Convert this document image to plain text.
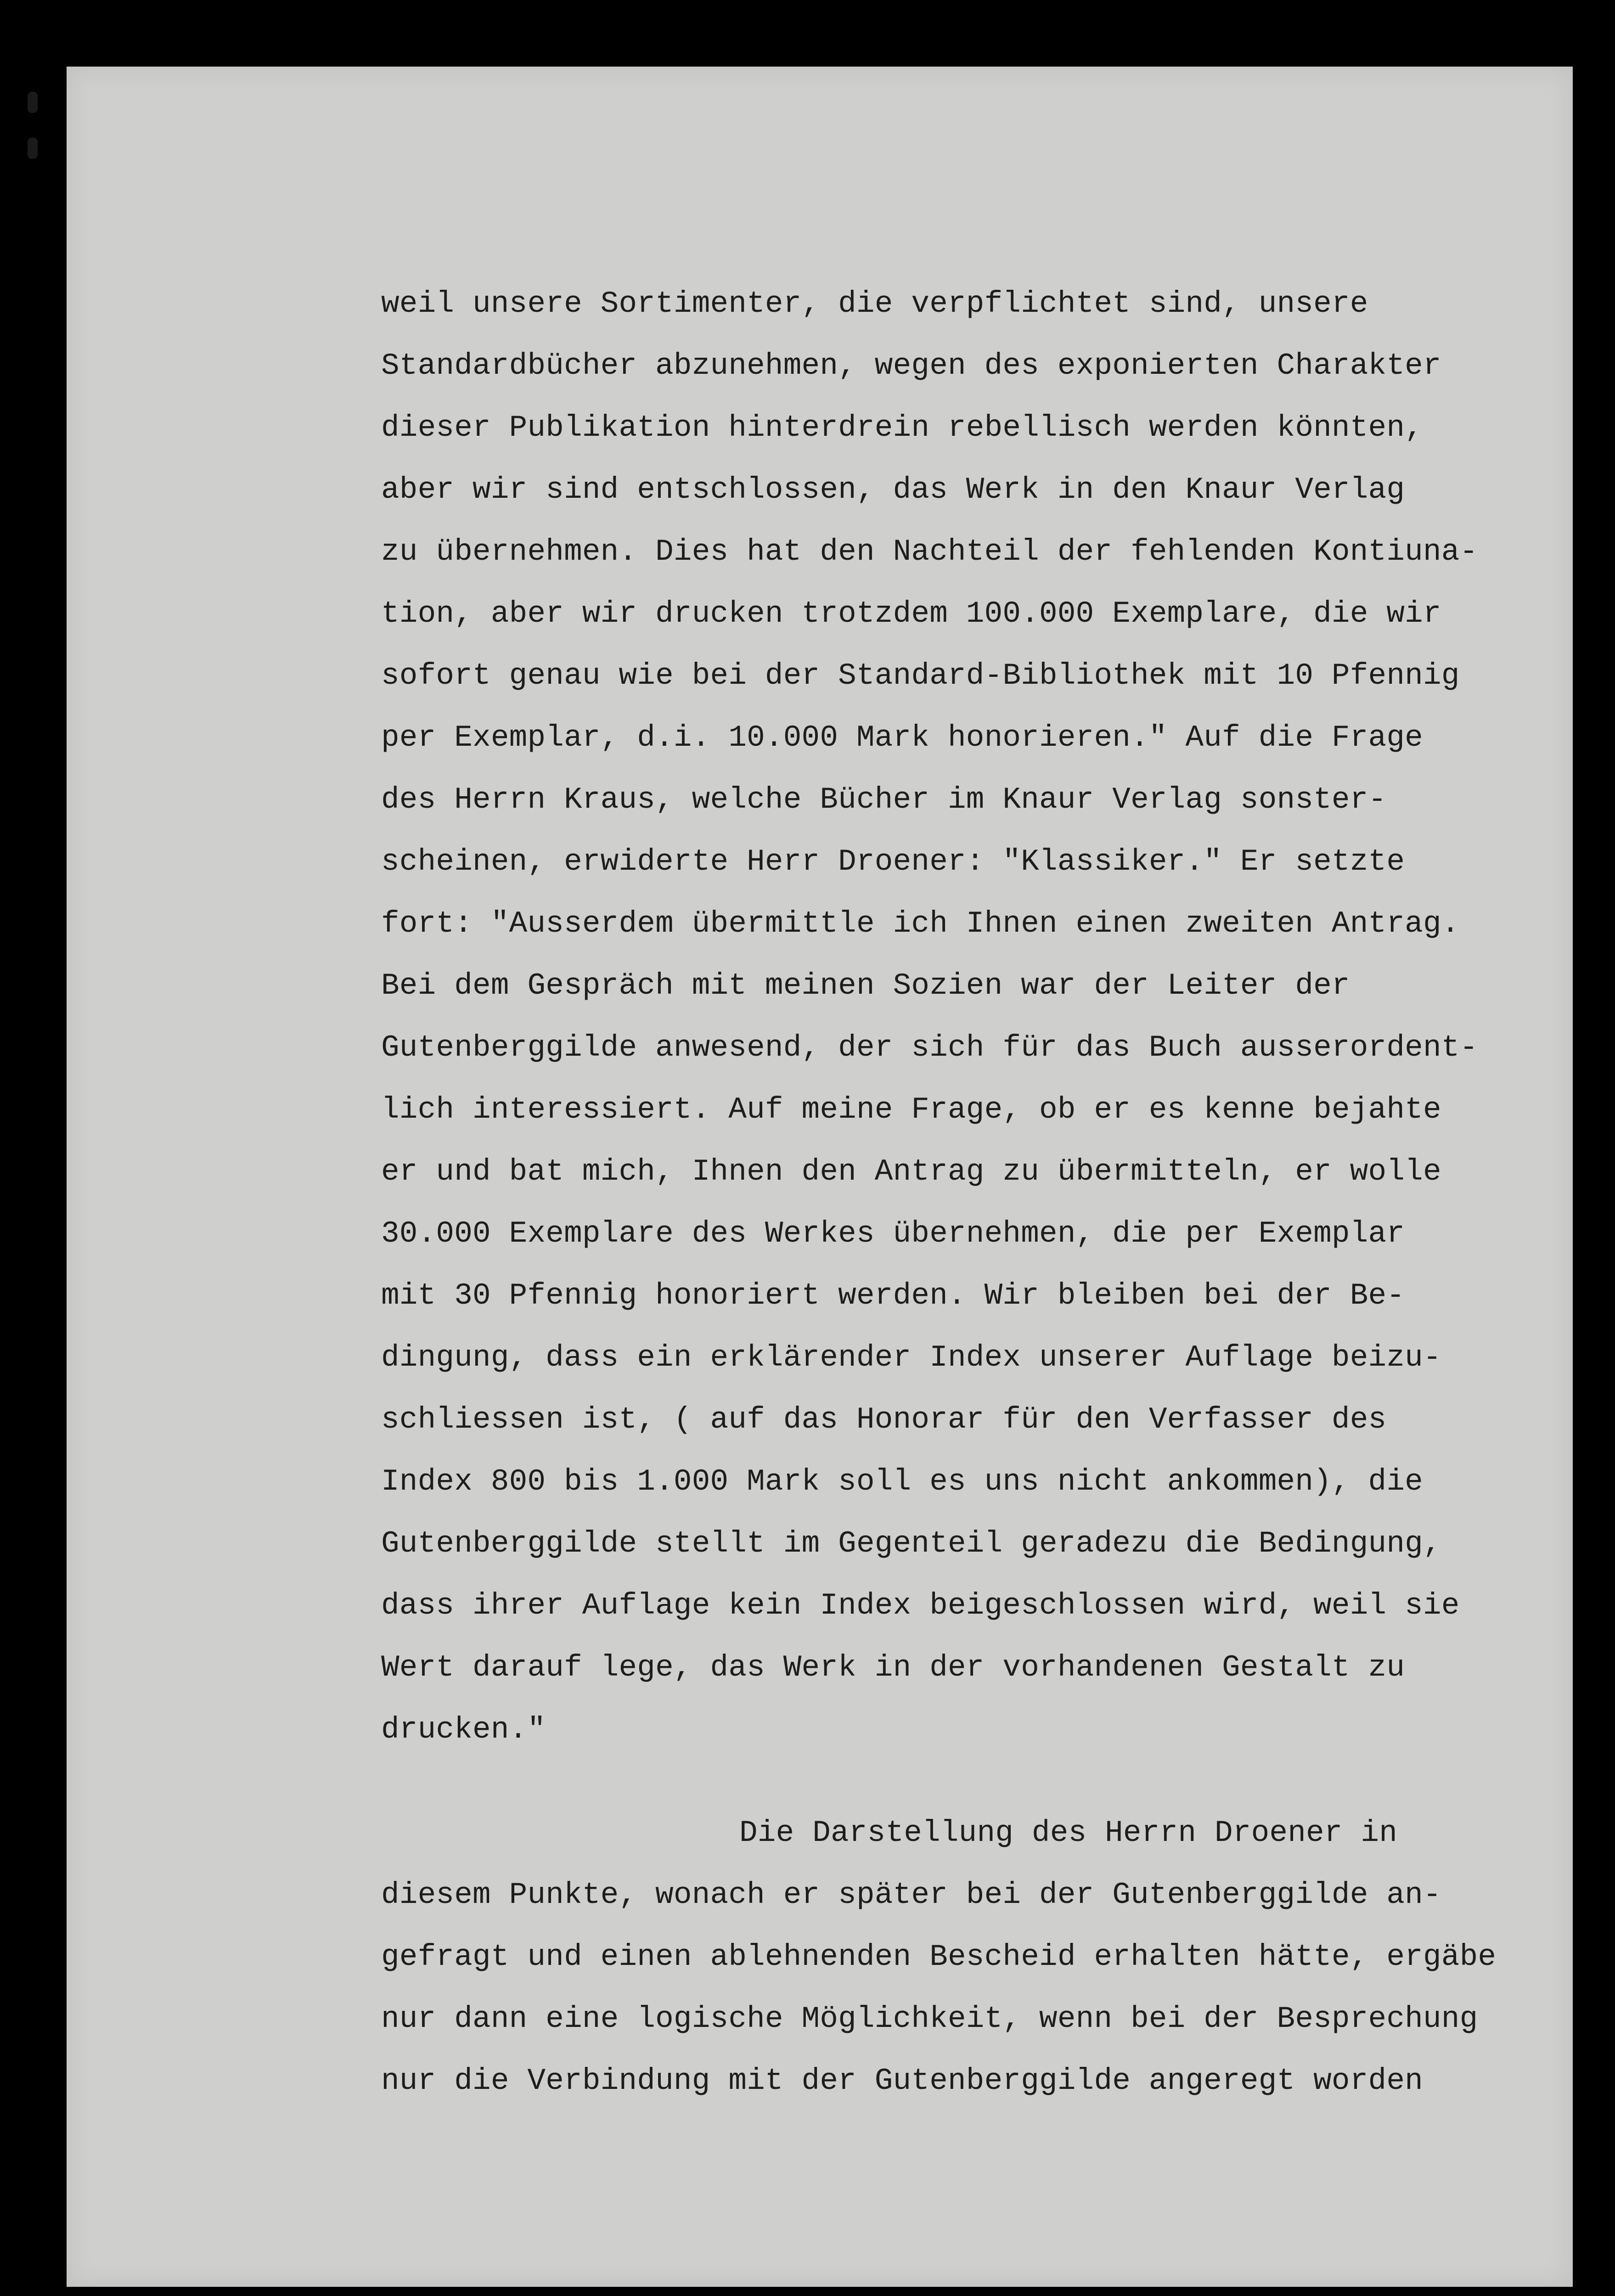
weil unsere Sortimenter, die verpflichtet sind, unsere
Standardbücher abzunehmen, wegen des exponierten Charakter
dieser Publikation hinterdrein rebellisch werden könnten,
aber wir sind entschlossen, das Werk in den Knaur Verlag
zu übernehmen. Dies hat den Nachteil der fehlenden Kontiuna-
tion, aber wir drucken trotzdem 100.000 Exemplare, die wir
sofort genau wie bei der Standard-Bibliothek mit 10 Pfennig
per Exemplar, d.i. 10.000 Mark honorieren." Auf die Frage
des Herrn Kraus, welche Bücher im Knaur Verlag sonster-
scheinen, erwiderte Herr Droener: "Klassiker." Er setzte
fort: "Ausserdem übermittle ich Ihnen einen zweiten Antrag.
Bei dem Gespräch mit meinen Sozien war der Leiter der
Gutenberggilde anwesend, der sich für das Buch ausserordent-
lich interessiert. Auf meine Frage, ob er es kenne bejahte
er und bat mich, Ihnen den Antrag zu übermitteln, er wolle
30.000 Exemplare des Werkes übernehmen, die per Exemplar
mit 30 Pfennig honoriert werden. Wir bleiben bei der Be-
dingung, dass ein erklärender Index unserer Auflage beizu-
schliessen ist, ( auf das Honorar für den Verfasser des
Index 800 bis 1.000 Mark soll es uns nicht ankommen), die
Gutenberggilde stellt im Gegenteil geradezu die Bedingung,
dass ihrer Auflage kein Index beigeschlossen wird, weil sie
Wert darauf lege, das Werk in der vorhandenen Gestalt zu
drucken."
Die Darstellung des Herrn Droener in
diesem Punkte, wonach er später bei der Gutenberggilde an-
gefragt und einen ablehnenden Bescheid erhalten hätte, ergäbe
nur dann eine logische Möglichkeit, wenn bei der Besprechung
nur die Verbindung mit der Gutenberggilde angeregt worden
